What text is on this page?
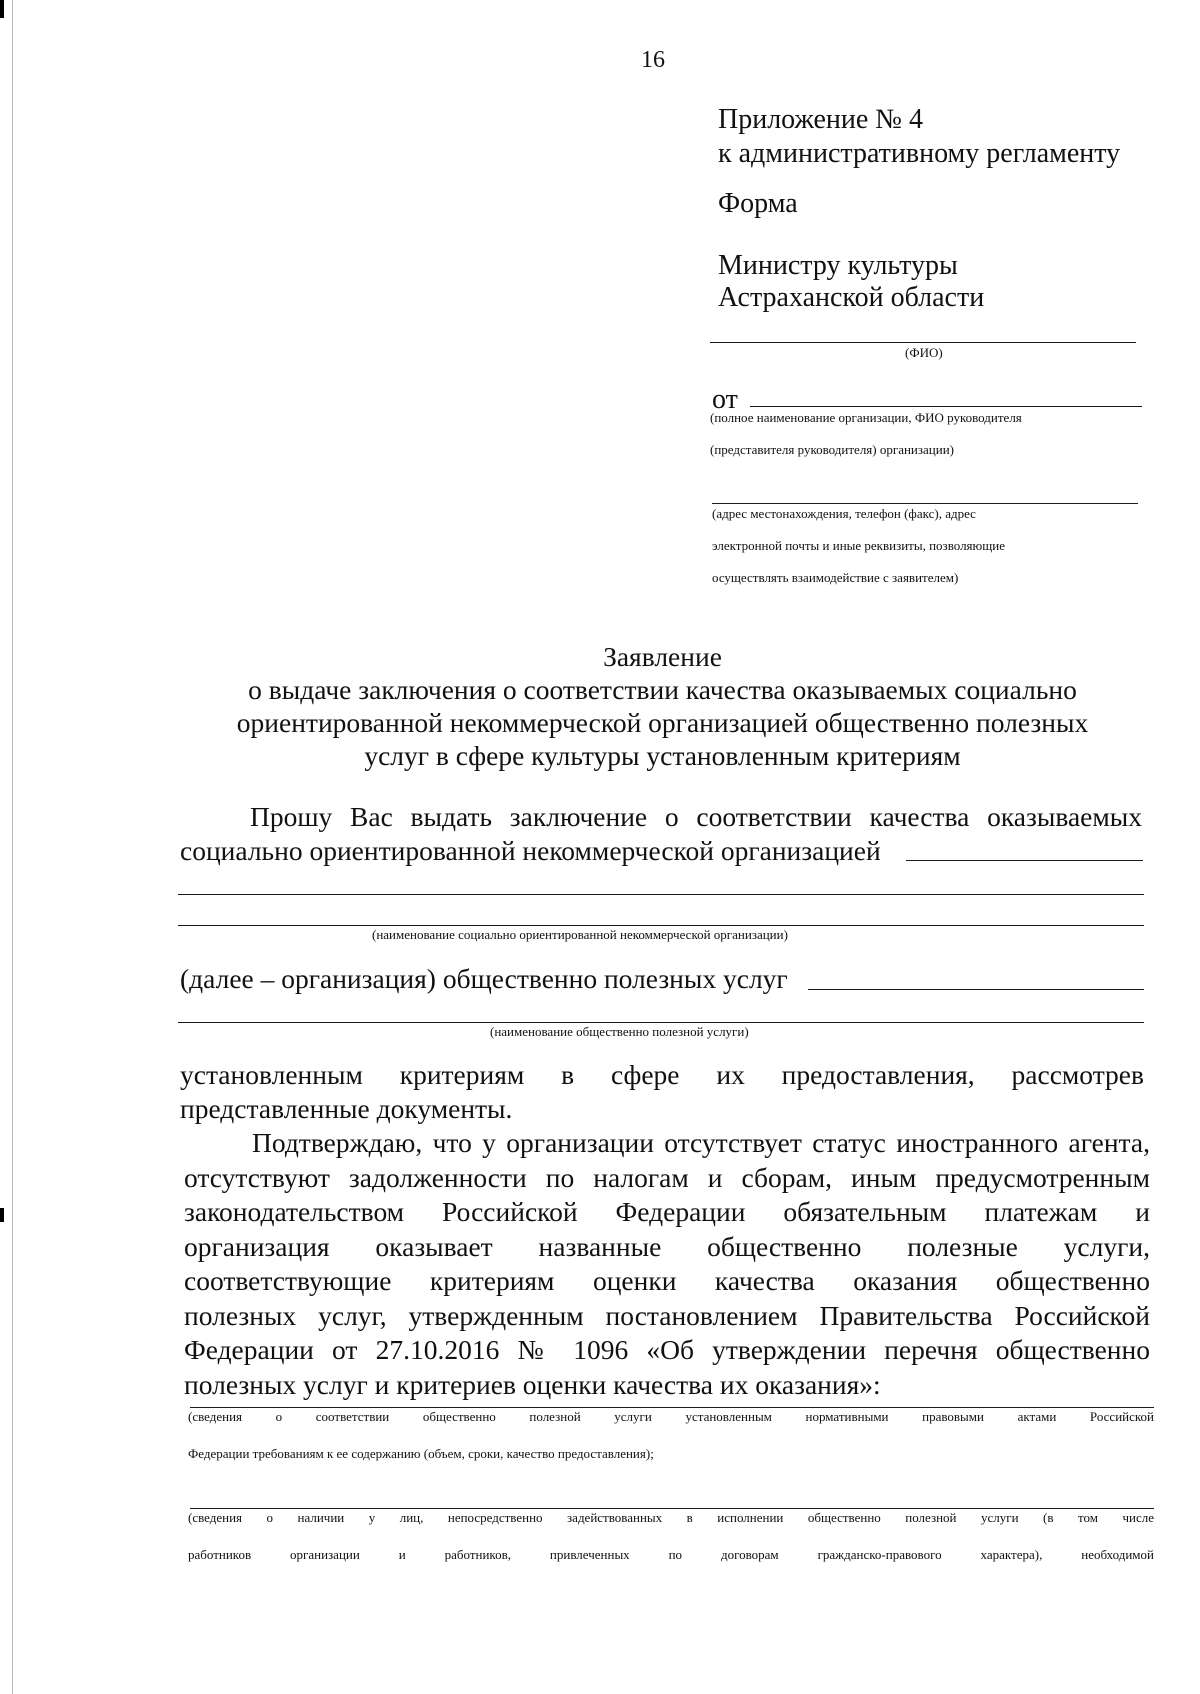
16
Приложение № 4
к административному регламенту
Форма
Министру культуры
Астраханской области
(ФИО)
от
(полное наименование организации, ФИО руководителя
(представителя руководителя) организации)
(адрес местонахождения, телефон (факс), адрес
электронной почты и иные реквизиты, позволяющие
осуществлять взаимодействие с заявителем)
Заявление
о выдаче заключения о соответствии качества оказываемых социально
ориентированной некоммерческой организацией общественно полезных
услуг в сфере культуры установленным критериям
Прошу Вас выдать заключение о соответствии качества оказываемых
социально ориентированной некоммерческой организацией
(наименование социально ориентированной некоммерческой организации)
(далее – организация) общественно полезных услуг
(наименование общественно полезной услуги)
установленным критериям в сфере их предоставления, рассмотрев
представленные документы.
Подтверждаю, что у организации отсутствует статус иностранного агента,
отсутствуют задолженности по налогам и сборам, иным предусмотренным
законодательством Российской Федерации обязательным платежам и
организация оказывает названные общественно полезные услуги,
соответствующие критериям оценки качества оказания общественно
полезных услуг, утвержденным постановлением Правительства Российской
Федерации от 27.10.2016 № 1096 «Об утверждении перечня общественно
полезных услуг и критериев оценки качества их оказания»:
(сведения о соответствии общественно полезной услуги установленным нормативными правовыми актами Российской
Федерации требованиям к ее содержанию (объем, сроки, качество предоставления);
(сведения о наличии у лиц, непосредственно задействованных в исполнении общественно полезной услуги (в том числе
работников организации и работников, привлеченных по договорам гражданско-правового характера), необходимой
